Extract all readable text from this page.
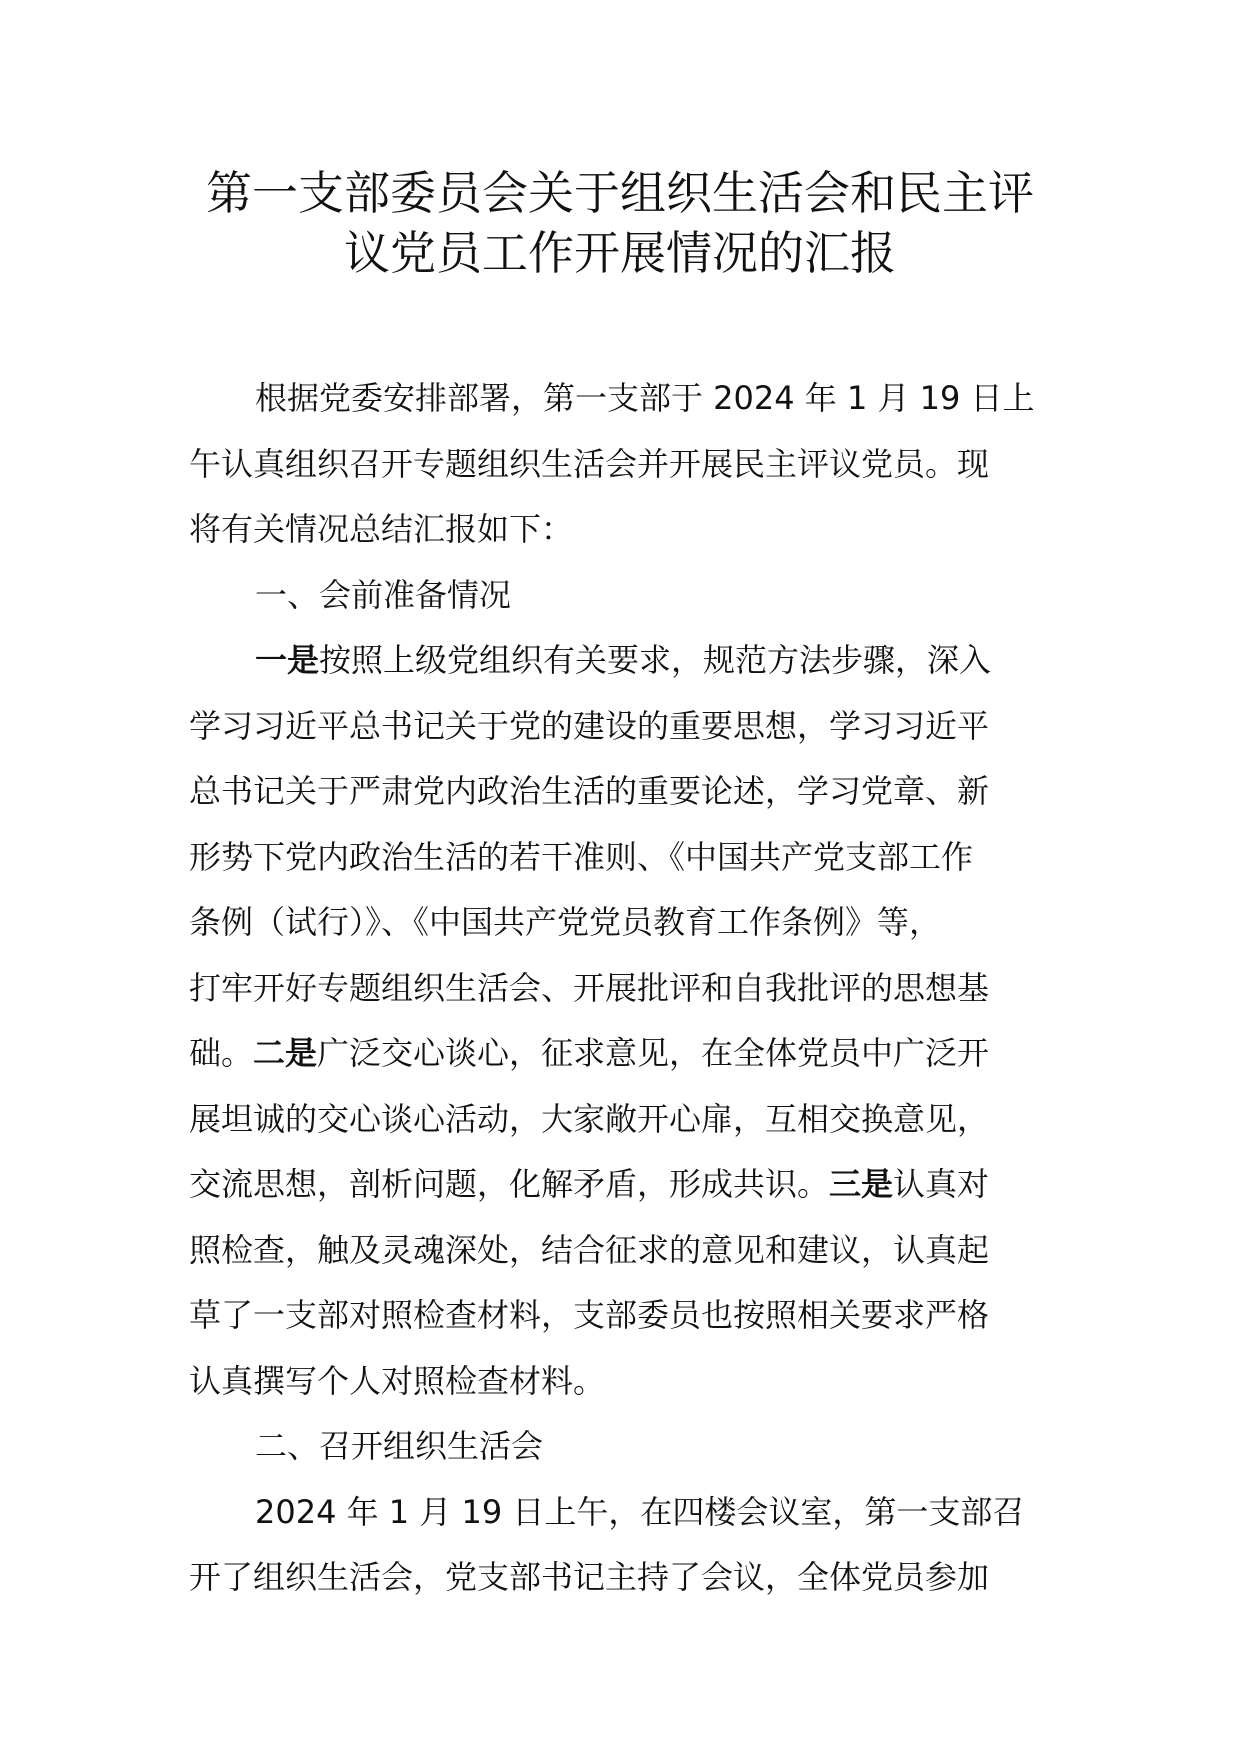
第一支部委员会关于组织生活会和民主评
议党员工作开展情况的汇报
根据党委安排部署，第一支部于 2024 年 1 月 19 日上
午认真组织召开专题组织生活会并开展民主评议党员。现
将有关情况总结汇报如下：
一、会前准备情况
一是按照上级党组织有关要求，规范方法步骤，深入
学习习近平总书记关于党的建设的重要思想，学习习近平
总书记关于严肃党内政治生活的重要论述，学习党章、新
形势下党内政治生活的若干准则、《中国共产党支部工作
条例（试行）》、《中国共产党党员教育工作条例》等，
打牢开好专题组织生活会、开展批评和自我批评的思想基
础。二是广泛交心谈心，征求意见，在全体党员中广泛开
展坦诚的交心谈心活动，大家敞开心扉，互相交换意见，
交流思想，剖析问题，化解矛盾，形成共识。三是认真对
照检查，触及灵魂深处，结合征求的意见和建议，认真起
草了一支部对照检查材料，支部委员也按照相关要求严格
认真撰写个人对照检查材料。
二、召开组织生活会
2024 年 1 月 19 日上午，在四楼会议室，第一支部召
开了组织生活会，党支部书记主持了会议，全体党员参加
